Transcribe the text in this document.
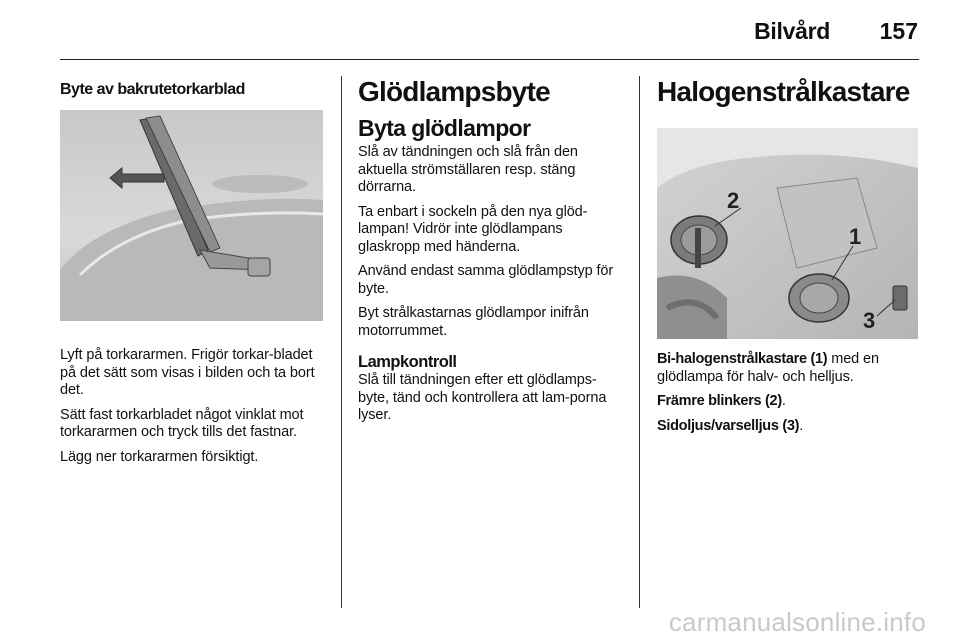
Bilvård 157
Byte av bakrutetorkarblad

Lyft på torkararmen. Frigör torkar-bladet på det sätt som visas i bilden och ta bort det.

Sätt fast torkarbladet något vinklat mot torkararmen och tryck tills det fastnar.

Lägg ner torkararmen försiktigt.

Glödlampsbyte
Byta glödlampor

Slå av tändningen och slå från den aktuella strömställaren resp. stäng dörrarna.

Ta enbart i sockeln på den nya glöd-lampan! Vidrör inte glödlampans glaskropp med händerna.

Använd endast samma glödlampstyp för byte.

Byt strålkastarnas glödlampor inifrån motorrummet.

Lampkontroll

Slå till tändningen efter ett glödlamps-byte, tänd och kontrollera att lam-porna lyser.

Halogenstrålkastare
2
1
3

Bi-halogenstrålkastare (1) med en glödlampa för halv- och helljus.

Främre blinkers (2).

Sidoljus/varselljus (3).

carmanualsonline.info
